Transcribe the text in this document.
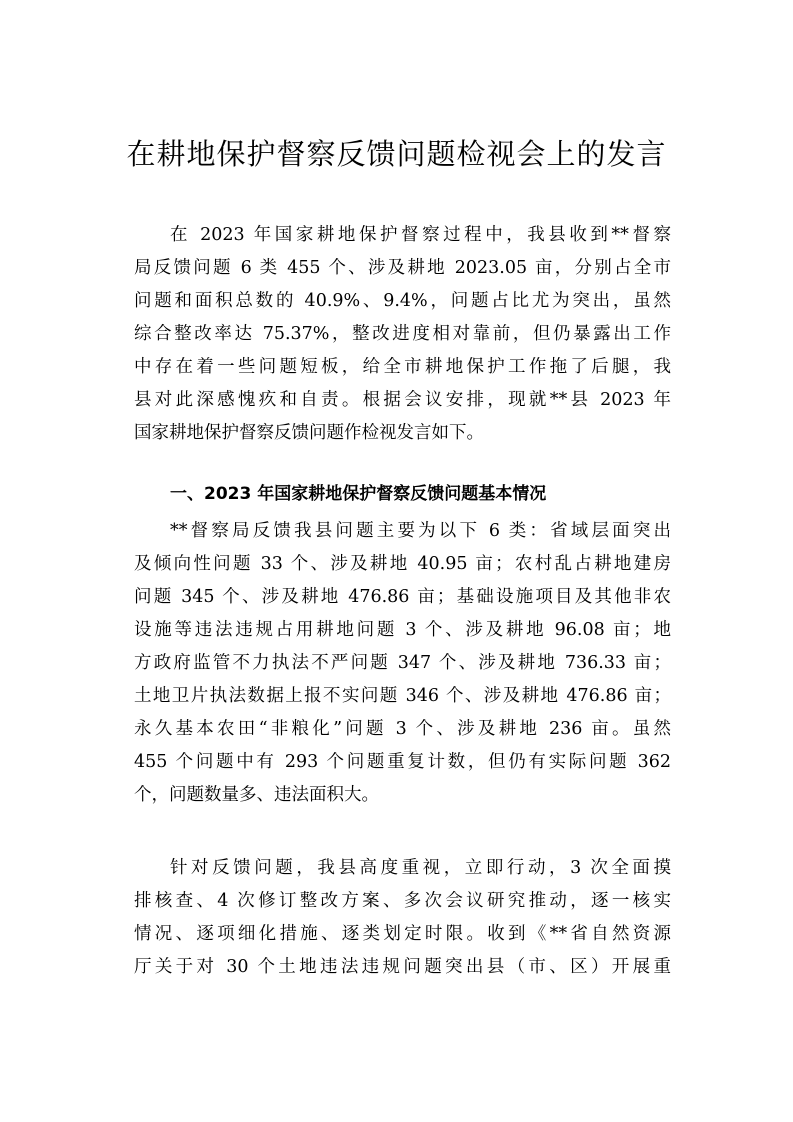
在耕地保护督察反馈问题检视会上的发言
在 2023 年国家耕地保护督察过程中，我县收到**督察
局反馈问题 6 类 455 个、涉及耕地 2023.05 亩，分别占全市
问题和面积总数的 40.9%、9.4%，问题占比尤为突出，虽然
综合整改率达 75.37%，整改进度相对靠前，但仍暴露出工作
中存在着一些问题短板，给全市耕地保护工作拖了后腿，我
县对此深感愧疚和自责。根据会议安排，现就**县 2023 年
国家耕地保护督察反馈问题作检视发言如下。
一、2023 年国家耕地保护督察反馈问题基本情况
**督察局反馈我县问题主要为以下 6 类：省域层面突出
及倾向性问题 33 个、涉及耕地 40.95 亩；农村乱占耕地建房
问题 345 个、涉及耕地 476.86 亩；基础设施项目及其他非农
设施等违法违规占用耕地问题 3 个、涉及耕地 96.08 亩；地
方政府监管不力执法不严问题 347 个、涉及耕地 736.33 亩；
土地卫片执法数据上报不实问题 346 个、涉及耕地 476.86 亩；
永久基本农田“非粮化”问题 3 个、涉及耕地 236 亩。虽然
455 个问题中有 293 个问题重复计数，但仍有实际问题 362
个，问题数量多、违法面积大。
针对反馈问题，我县高度重视，立即行动，3 次全面摸
排核查、4 次修订整改方案、多次会议研究推动，逐一核实
情况、逐项细化措施、逐类划定时限。收到《**省自然资源
厅关于对 30 个土地违法违规问题突出县（市、区）开展重
